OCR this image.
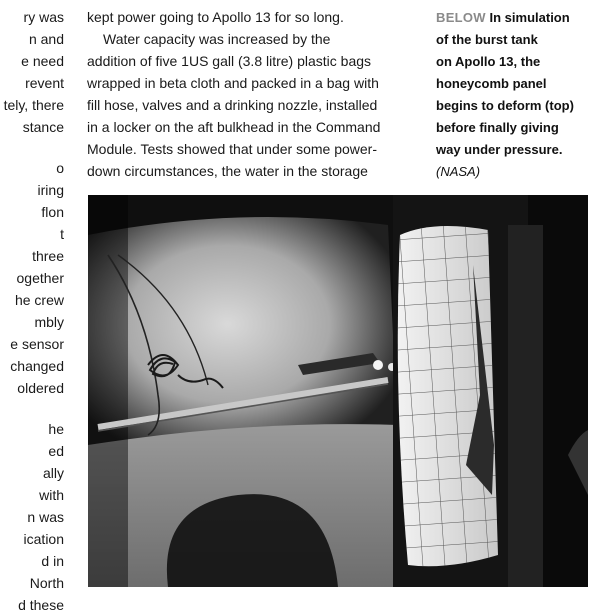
ry was
n and
e need
revent
tely, there
stance
o
iring
flon
t
three
ogether
he crew
mbly
e sensor
changed
oldered
he
ed
ally
with
n was
ication
d in
North
d these
kept power going to Apollo 13 for so long.
Water capacity was increased by the
addition of five 1US gall (3.8 litre) plastic bags
wrapped in beta cloth and packed in a bag with
fill hose, valves and a drinking nozzle, installed
in a locker on the aft bulkhead in the Command
Module. Tests showed that under some power-
down circumstances, the water in the storage
BELOW In simulation
of the burst tank
on Apollo 13, the
honeycomb panel
begins to deform (top)
before finally giving
way under pressure.
(NASA)
